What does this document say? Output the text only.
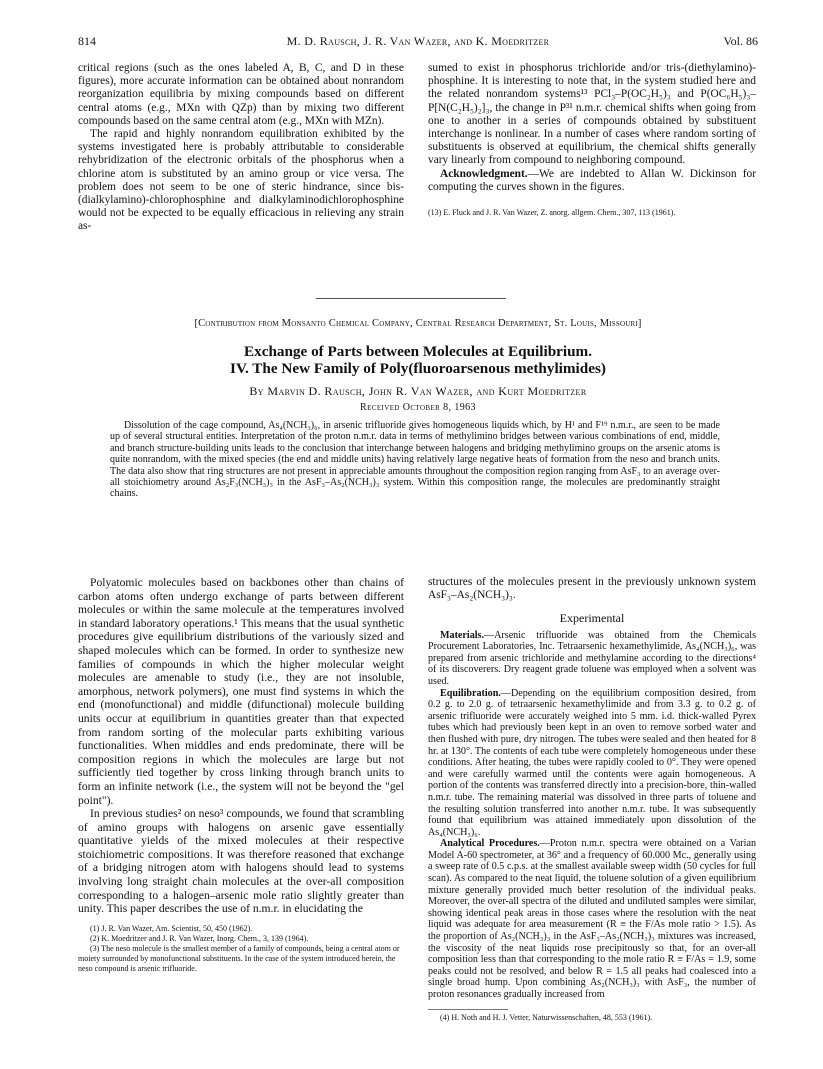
814	M. D. Rausch, J. R. Van Wazer, and K. Moedritzer	Vol. 86

critical regions (such as the ones labeled A, B, C, and D in these figures), more accurate information can be obtained about nonrandom reorganization equilibria by mixing compounds based on different central atoms (e.g., MXn with QZp) than by mixing two different compounds based on the same central atom (e.g., MXn with MZn).

The rapid and highly nonrandom equilibration exhibited by the systems investigated here is probably attributable to considerable rehybridization of the electronic orbitals of the phosphorus when a chlorine atom is substituted by an amino group or vice versa. The problem does not seem to be one of steric hindrance, since bis-(dialkylamino)-chlorophosphine and dialkylaminodichlorophosphine would not be expected to be equally efficacious in relieving any strain as-

sumed to exist in phosphorus trichloride and/or tris-(diethylamino)-phosphine. It is interesting to note that, in the system studied here and the related nonrandom systems¹³ PCl₃–P(OC₂H₅)₃ and P(OC₆H₅)₃–P[N(C₂H₅)₂]₃, the change in P³¹ n.m.r. chemical shifts when going from one to another in a series of compounds obtained by substituent interchange is nonlinear. In a number of cases where random sorting of substituents is observed at equilibrium, the chemical shifts generally vary linearly from compound to neighboring compound.

Acknowledgment.—We are indebted to Allan W. Dickinson for computing the curves shown in the figures.

(13) E. Fluck and J. R. Van Wazer, Z. anorg. allgem. Chem., 307, 113 (1961).

[Contribution from Monsanto Chemical Company, Central Research Department, St. Louis, Missouri]
Exchange of Parts between Molecules at Equilibrium.
IV. The New Family of Poly(fluoroarsenous methylimides)
By Marvin D. Rausch, John R. Van Wazer, and Kurt Moedritzer
Received October 8, 1963

Dissolution of the cage compound, As₄(NCH₃)₆, in arsenic trifluoride gives homogeneous liquids which, by H¹ and F¹⁹ n.m.r., are seen to be made up of several structural entities. Interpretation of the proton n.m.r. data in terms of methylimino bridges between various combinations of end, middle, and branch structure-building units leads to the conclusion that interchange between halogens and bridging methylimino groups on the arsenic atoms is quite nonrandom, with the mixed species (the end and middle units) having relatively large negative heats of formation from the neso and branch units. The data also show that ring structures are not present in appreciable amounts throughout the composition region ranging from AsF₃ to an average over-all stoichiometry around As₂F₃(NCH₃)₃ in the AsF₃–As₂(NCH₃)₃ system. Within this composition range, the molecules are predominantly straight chains.

Polyatomic molecules based on backbones other than chains of carbon atoms often undergo exchange of parts between different molecules or within the same molecule at the temperatures involved in standard laboratory operations.¹ This means that the usual synthetic procedures give equilibrium distributions of the variously sized and shaped molecules which can be formed. In order to synthesize new families of compounds in which the higher molecular weight molecules are amenable to study (i.e., they are not insoluble, amorphous, network polymers), one must find systems in which the end (monofunctional) and middle (difunctional) molecule building units occur at equilibrium in quantities greater than that expected from random sorting of the molecular parts exhibiting various functionalities. When middles and ends predominate, there will be composition regions in which the molecules are large but not sufficiently tied together by cross linking through branch units to form an infinite network (i.e., the system will not be beyond the "gel point").

In previous studies² on neso³ compounds, we found that scrambling of amino groups with halogens on arsenic gave essentially quantitative yields of the mixed molecules at their respective stoichiometric compositions. It was therefore reasoned that exchange of a bridging nitrogen atom with halogens should lead to systems involving long straight chain molecules at the over-all composition corresponding to a halogen–arsenic mole ratio slightly greater than unity. This paper describes the use of n.m.r. in elucidating the

(1) J. R. Van Wazer, Am. Scientist, 50, 450 (1962).

(2) K. Moedritzer and J. R. Van Wazer, Inorg. Chem., 3, 139 (1964).

(3) The neso molecule is the smallest member of a family of compounds, being a central atom or moiety surrounded by monofunctional substituents. In the case of the system introduced herein, the neso compound is arsenic trifluoride.

structures of the molecules present in the previously unknown system AsF₃–As₂(NCH₃)₃.

Experimental

Materials.—Arsenic trifluoride was obtained from the Chemicals Procurement Laboratories, Inc. Tetraarsenic hexamethylimide, As₄(NCH₃)₆, was prepared from arsenic trichloride and methylamine according to the directions⁴ of its discoverers. Dry reagent grade toluene was employed when a solvent was used.

Equilibration.—Depending on the equilibrium composition desired, from 0.2 g. to 2.0 g. of tetraarsenic hexamethylimide and from 3.3 g. to 0.2 g. of arsenic trifluoride were accurately weighed into 5 mm. i.d. thick-walled Pyrex tubes which had previously been kept in an oven to remove sorbed water and then flushed with pure, dry nitrogen. The tubes were sealed and then heated for 8 hr. at 130°. The contents of each tube were completely homogeneous under these conditions. After heating, the tubes were rapidly cooled to 0°. They were opened and were carefully warmed until the contents were again homogeneous. A portion of the contents was transferred directly into a precision-bore, thin-walled n.m.r. tube. The remaining material was dissolved in three parts of toluene and the resulting solution transferred into another n.m.r. tube. It was subsequently found that equilibrium was attained immediately upon dissolution of the As₄(NCH₃)₆.

Analytical Procedures.—Proton n.m.r. spectra were obtained on a Varian Model A-60 spectrometer, at 36° and a frequency of 60.000 Mc., generally using a sweep rate of 0.5 c.p.s. at the smallest available sweep width (50 cycles for full scan). As compared to the neat liquid, the toluene solution of a given equilibrium mixture generally provided much better resolution of the individual peaks. Moreover, the over-all spectra of the diluted and undiluted samples were similar, showing identical peak areas in those cases where the resolution with the neat liquid was adequate for area measurement (R ≡ the F/As mole ratio > 1.5). As the proportion of As₂(NCH₃)₃ in the AsF₃–As₂(NCH₃)₃ mixtures was increased, the viscosity of the neat liquids rose precipitously so that, for an over-all composition less than that corresponding to the mole ratio R ≡ F/As = 1.9, some peaks could not be resolved, and below R = 1.5 all peaks had coalesced into a single broad hump. Upon combining As₂(NCH₃)₃ with AsF₃, the number of proton resonances gradually increased from

(4) H. Noth and H. J. Vetter, Naturwissenschaften, 48, 553 (1961).
